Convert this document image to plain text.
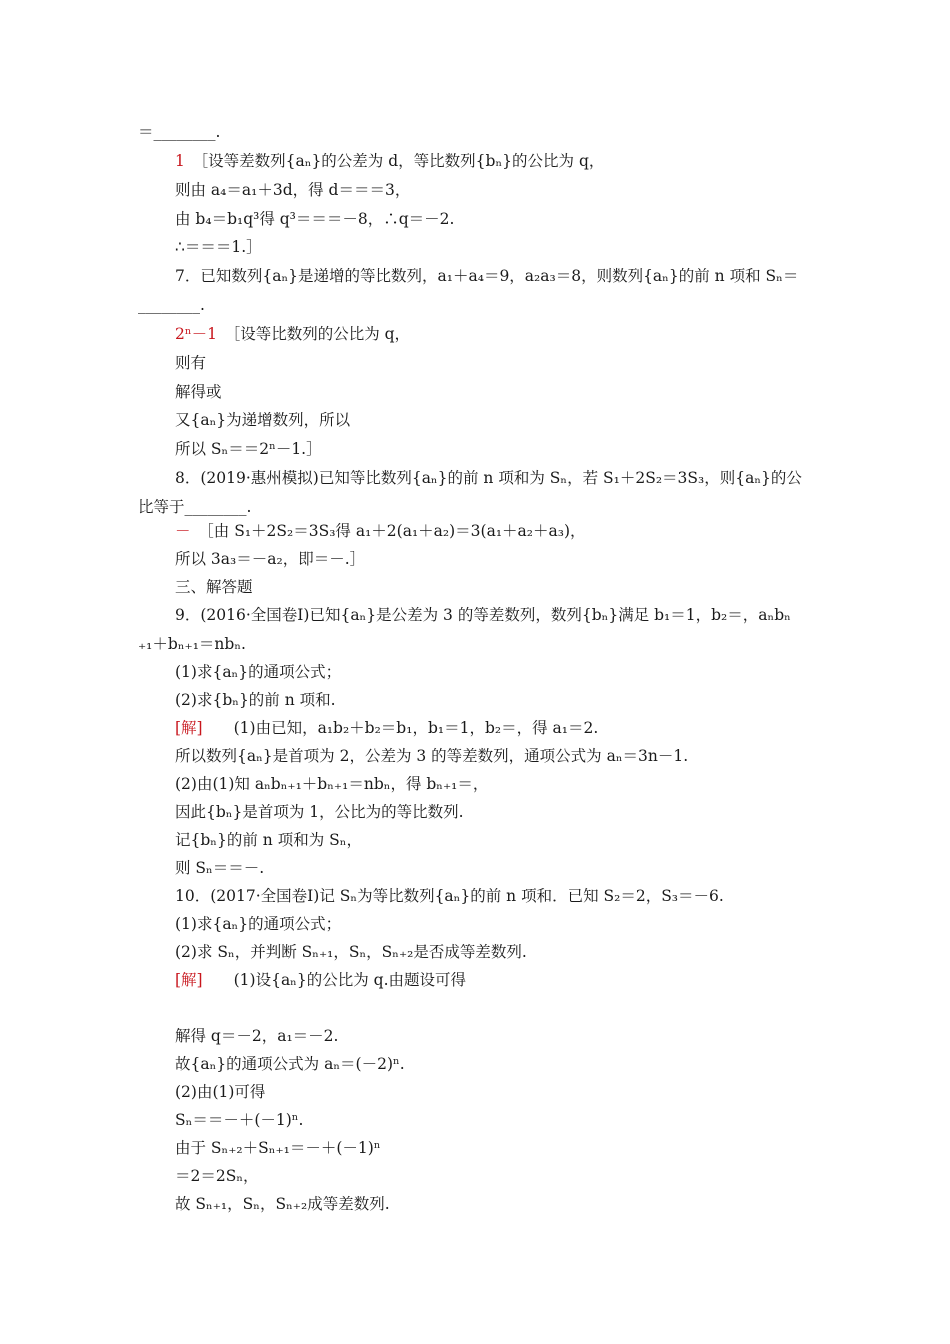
＝________.
1　 ［设等差数列{aₙ}的公差为 d，等比数列{bₙ}的公比为 q，
则由 a₄＝a₁＋3d，得 d＝＝＝3，
由 b₄＝b₁q³得 q³＝＝＝－8，∴q＝－2.
∴＝＝＝1.］
7．已知数列{aₙ}是递增的等比数列，a₁＋a₄＝9，a₂a₃＝8，则数列{aₙ}的前 n 项和 Sₙ＝
________.
2ⁿ－1　 ［设等比数列的公比为 q，
则有
解得或
又{aₙ}为递增数列，所以
所以 Sₙ＝＝2ⁿ－1.］
8．(2019·惠州模拟)已知等比数列{aₙ}的前 n 项和为 Sₙ，若 S₁＋2S₂＝3S₃，则{aₙ}的公
比等于________.
－　 ［由 S₁＋2S₂＝3S₃得 a₁＋2(a₁＋a₂)＝3(a₁＋a₂＋a₃)，
所以 3a₃＝－a₂，即＝－.］
三、解答题
9．(2016·全国卷Ⅰ)已知{aₙ}是公差为 3 的等差数列，数列{bₙ}满足 b₁＝1，b₂＝，aₙbₙ
₊₁＋bₙ₊₁＝nbₙ.
(1)求{aₙ}的通项公式；
(2)求{bₙ}的前 n 项和.
[解]　　(1)由已知，a₁b₂＋b₂＝b₁，b₁＝1，b₂＝，得 a₁＝2.
所以数列{aₙ}是首项为 2，公差为 3 的等差数列，通项公式为 aₙ＝3n－1.
(2)由(1)知 aₙbₙ₊₁＋bₙ₊₁＝nbₙ，得 bₙ₊₁＝，
因此{bₙ}是首项为 1，公比为的等比数列.
记{bₙ}的前 n 项和为 Sₙ，
则 Sₙ＝＝－.
10．(2017·全国卷Ⅰ)记 Sₙ为等比数列{aₙ}的前 n 项和．已知 S₂＝2，S₃＝－6.
(1)求{aₙ}的通项公式；
(2)求 Sₙ，并判断 Sₙ₊₁，Sₙ，Sₙ₊₂是否成等差数列.
[解]　　(1)设{aₙ}的公比为 q.由题设可得
解得 q＝－2，a₁＝－2.
故{aₙ}的通项公式为 aₙ＝(－2)ⁿ.
(2)由(1)可得
Sₙ＝＝－＋(－1)ⁿ.
由于 Sₙ₊₂＋Sₙ₊₁＝－＋(－1)ⁿ
＝2＝2Sₙ，
故 Sₙ₊₁，Sₙ，Sₙ₊₂成等差数列.
